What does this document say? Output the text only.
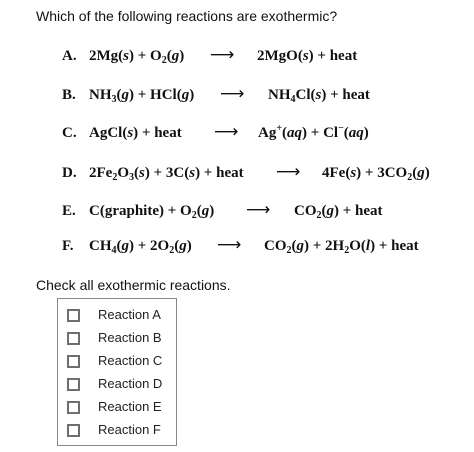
Which of the following reactions are exothermic?
A. $2Mg(s) + O_2(g)$ ⟶ 2MgO(s) + heat
B. $NH_3(g) + HCl(g)$ ⟶ $NH_4Cl(s)$ + heat
C. AgCl(s) + heat ⟶ Ag+(aq) + Cl−(aq)
D. $2Fe_2O_3(s) + 3C(s)$ + heat ⟶ $4Fe(s) + 3CO_2(g)$
E. C(graphite) + $O_2(g)$ ⟶ $CO_2(g)$ + heat
F. $CH_4(g) + 2O_2(g)$ ⟶ $CO_2(g) + 2H_2O(l)$ + heat
Check all exothermic reactions.
Reaction A
Reaction B
Reaction C
Reaction D
Reaction E
Reaction F
